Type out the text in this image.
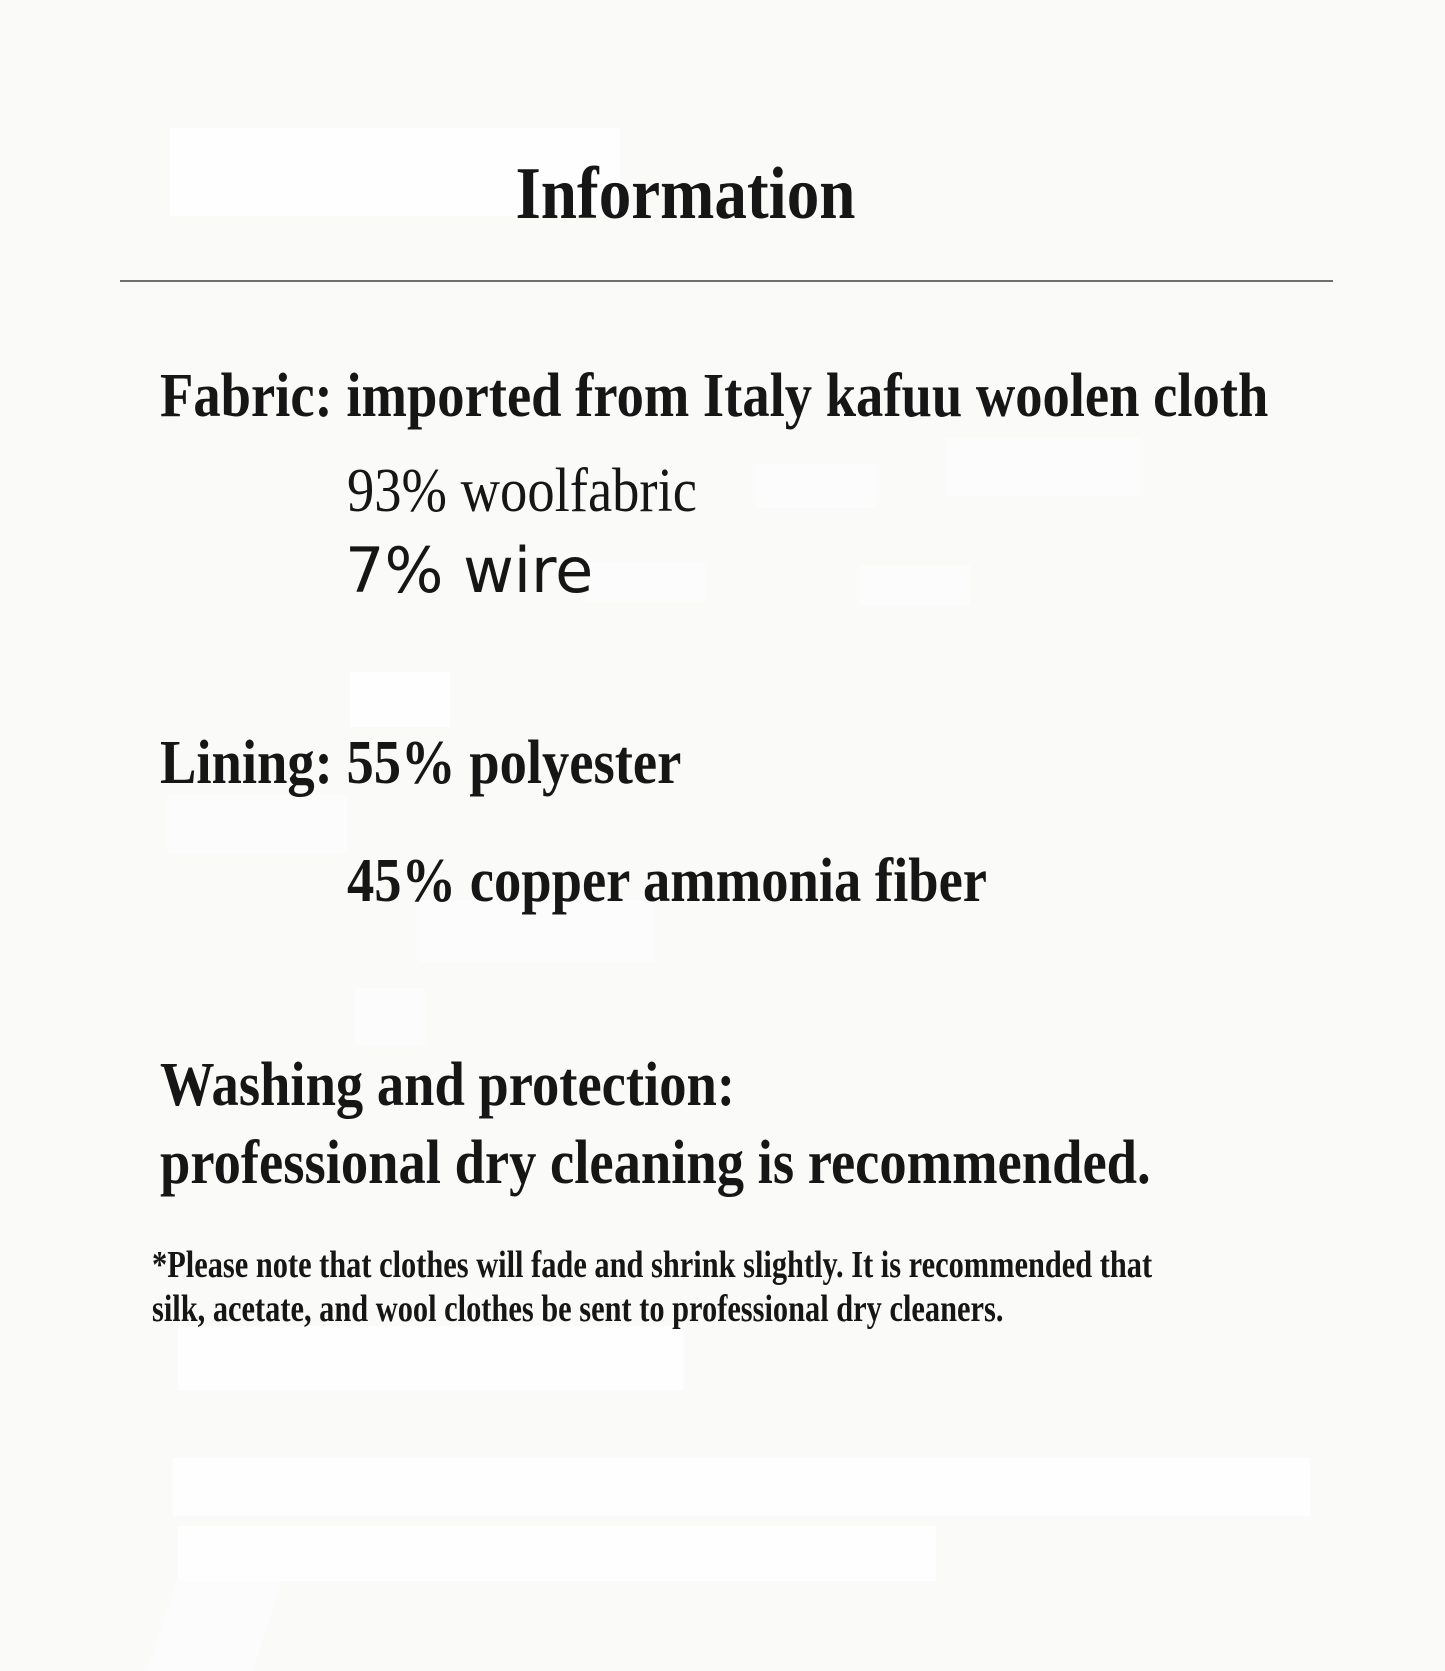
Information
Fabric: imported from Italy kafuu woolen cloth
93% woolfabric
7% wire
Lining: 55% polyester
45% copper ammonia fiber
Washing and protection:
professional dry cleaning is recommended.
*Please note that clothes will fade and shrink slightly. It is recommended that
silk, acetate, and wool clothes be sent to professional dry cleaners.
